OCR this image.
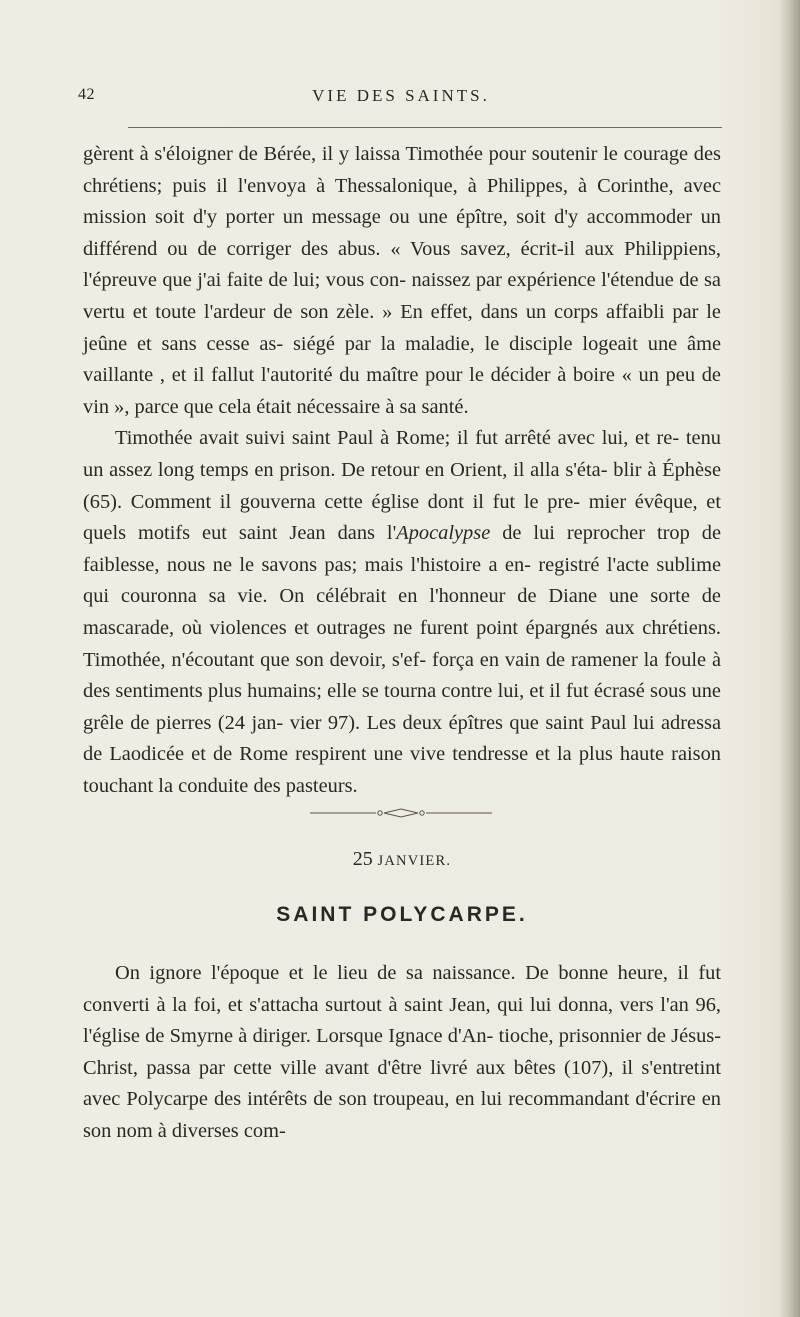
42	VIE DES SAINTS.

gèrent à s'éloigner de Bérée, il y laissa Timothée pour soutenir le courage des chrétiens; puis il l'envoya à Thessalonique, à Philippes, à Corinthe, avec mission soit d'y porter un message ou une épître, soit d'y accommoder un différend ou de corriger des abus. « Vous savez, écrit-il aux Philippiens, l'épreuve que j'ai faite de lui; vous con- naissez par expérience l'étendue de sa vertu et toute l'ardeur de son zèle. » En effet, dans un corps affaibli par le jeûne et sans cesse as- siégé par la maladie, le disciple logeait une âme vaillante , et il fallut l'autorité du maître pour le décider à boire « un peu de vin », parce que cela était nécessaire à sa santé.

Timothée avait suivi saint Paul à Rome; il fut arrêté avec lui, et re- tenu un assez long temps en prison. De retour en Orient, il alla s'éta- blir à Éphèse (65). Comment il gouverna cette église dont il fut le pre- mier évêque, et quels motifs eut saint Jean dans l'Apocalypse de lui reprocher trop de faiblesse, nous ne le savons pas; mais l'histoire a en- registré l'acte sublime qui couronna sa vie. On célébrait en l'honneur de Diane une sorte de mascarade, où violences et outrages ne furent point épargnés aux chrétiens. Timothée, n'écoutant que son devoir, s'ef- força en vain de ramener la foule à des sentiments plus humains; elle se tourna contre lui, et il fut écrasé sous une grêle de pierres (24 jan- vier 97). Les deux épîtres que saint Paul lui adressa de Laodicée et de Rome respirent une vive tendresse et la plus haute raison touchant la conduite des pasteurs.

25 JANVIER.
SAINT POLYCARPE.

On ignore l'époque et le lieu de sa naissance. De bonne heure, il fut converti à la foi, et s'attacha surtout à saint Jean, qui lui donna, vers l'an 96, l'église de Smyrne à diriger. Lorsque Ignace d'An- tioche, prisonnier de Jésus-Christ, passa par cette ville avant d'être livré aux bêtes (107), il s'entretint avec Polycarpe des intérêts de son troupeau, en lui recommandant d'écrire en son nom à diverses com-
